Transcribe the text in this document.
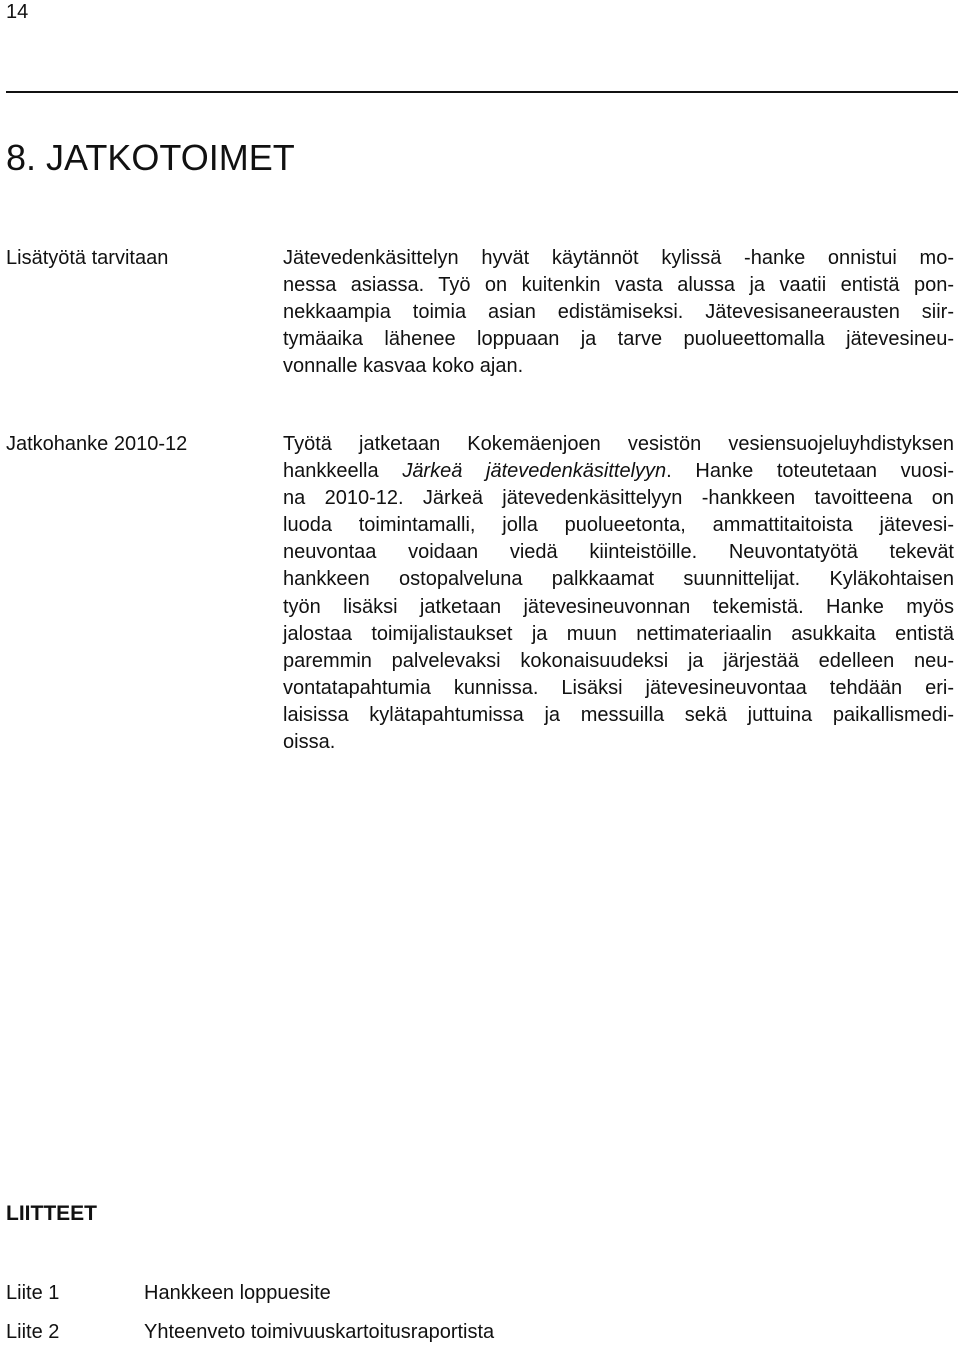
14
8. JATKOTOIMET
Lisätyötä tarvitaan	Jätevedenkäsittelyn hyvät käytännöt kylissä -hanke onnistui mo-
nessa asiassa. Työ on kuitenkin vasta alussa ja vaatii entistä pon-
nekkaampia toimia asian edistämiseksi. Jätevesisaneerausten siir-
tymäaika lähenee loppuaan ja tarve puolueettomalla jätevesineu-
vonnalle kasvaa koko ajan.
Jatkohanke 2010-12	Työtä jatketaan Kokemäenjoen vesistön vesiensuojeluyhdistyksen
hankkeella Järkeä jätevedenkäsittelyyn. Hanke toteutetaan vuosi-
na 2010-12. Järkeä jätevedenkäsittelyyn -hankkeen tavoitteena on
luoda toimintamalli, jolla puolueetonta, ammattitaitoista jätevesi-
neuvontaa voidaan viedä kiinteistöille. Neuvontatyötä tekevät
hankkeen ostopalveluna palkkaamat suunnittelijat. Kyläkohtaisen
työn lisäksi jatketaan jätevesineuvonnan tekemistä. Hanke myös
jalostaa toimijalistaukset ja muun nettimateriaalin asukkaita entistä
paremmin palvelevaksi kokonaisuudeksi ja järjestää edelleen neu-
vontatapahtumia kunnissa. Lisäksi jätevesineuvontaa tehdään eri-
laisissa kylätapahtumissa ja messuilla sekä juttuina paikallismedi-
oissa.
LIITTEET
Liite 1	Hankkeen loppuesite
Liite 2	Yhteenveto toimivuuskartoitusraportista
